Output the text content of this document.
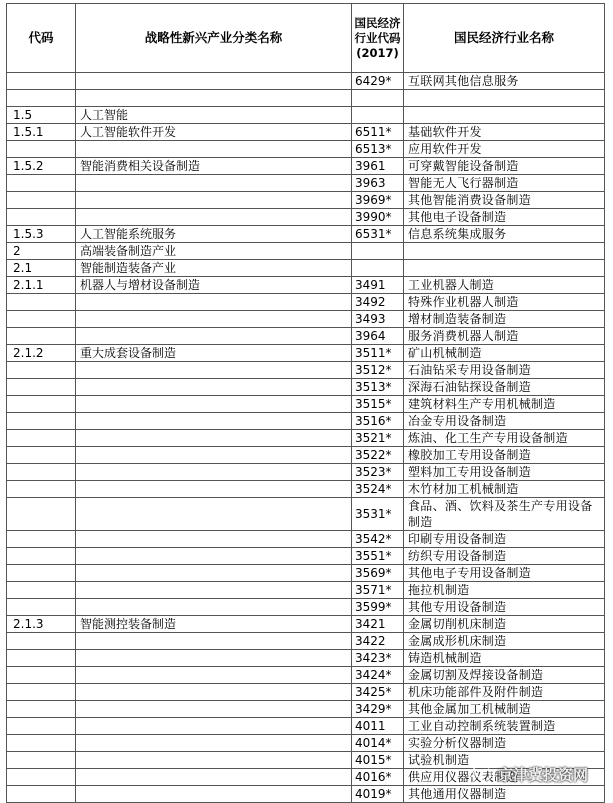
代码	战略性新兴产业分类名称	国民经济行业代码(2017)	国民经济行业名称
		6429*	互联网其他信息服务

1.5	人工智能		
1.5.1	人工智能软件开发	6511*	基础软件开发
		6513*	应用软件开发
1.5.2	智能消费相关设备制造	3961	可穿戴智能设备制造
		3963	智能无人飞行器制造
		3969*	其他智能消费设备制造
		3990*	其他电子设备制造
1.5.3	人工智能系统服务	6531*	信息系统集成服务
2	高端装备制造产业		
2.1	智能制造装备产业		
2.1.1	机器人与增材设备制造	3491	工业机器人制造
		3492	特殊作业机器人制造
		3493	增材制造装备制造
		3964	服务消费机器人制造
2.1.2	重大成套设备制造	3511*	矿山机械制造
		3512*	石油钻采专用设备制造
		3513*	深海石油钻探设备制造
		3515*	建筑材料生产专用机械制造
		3516*	冶金专用设备制造
		3521*	炼油、化工生产专用设备制造
		3522*	橡胶加工专用设备制造
		3523*	塑料加工专用设备制造
		3524*	木竹材加工机械制造
		3531*	食品、酒、饮料及茶生产专用设备制造
		3542*	印刷专用设备制造
		3551*	纺织专用设备制造
		3569*	其他电子专用设备制造
		3571*	拖拉机制造
		3599*	其他专用设备制造
2.1.3	智能测控装备制造	3421	金属切削机床制造
		3422	金属成形机床制造
		3423*	铸造机械制造
		3424*	金属切割及焊接设备制造
		3425*	机床功能部件及附件制造
		3429*	其他金属加工机械制造
		4011	工业自动控制系统装置制造
		4014*	实验分析仪器制造
		4015*	试验机制造
		4016*	供应用仪器仪表制造
		4019*	其他通用仪器制造
京津冀投资网
